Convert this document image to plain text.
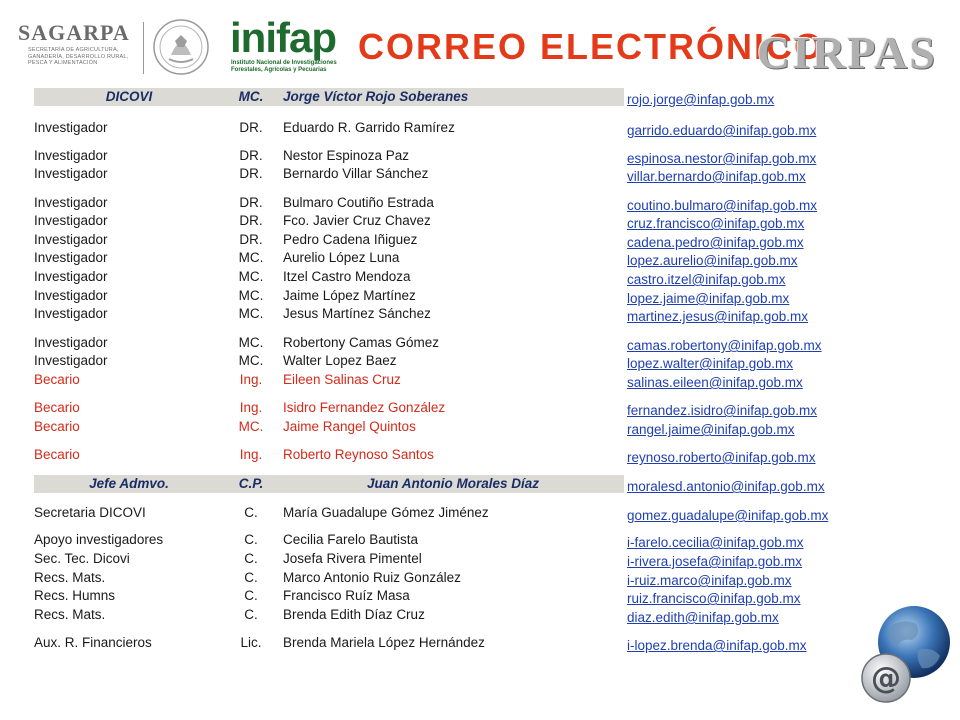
SAGARPA
SECRETARÍA DE AGRICULTURA, GANADERÍA, DESARROLLO RURAL, PESCA Y ALIMENTACIÓN
inifap
Instituto Nacional de Investigaciones Forestales, Agrícolas y Pecuarias
CORREO ELECTRÓNICO
CIRPAS
DICOVI	MC.	Jorge Víctor Rojo Soberanes	rojo.jorge@infap.gob.mx
Investigador	DR.	Eduardo R. Garrido Ramírez	garrido.eduardo@inifap.gob.mx
Investigador	DR.	Nestor Espinoza Paz	espinosa.nestor@inifap.gob.mx
Investigador	DR.	Bernardo Villar Sánchez	villar.bernardo@inifap.gob.mx
Investigador	DR.	Bulmaro Coutiño Estrada	coutino.bulmaro@inifap.gob.mx
Investigador	DR.	Fco. Javier Cruz Chavez	cruz.francisco@inifap.gob.mx
Investigador	DR.	Pedro Cadena Iñiguez	cadena.pedro@inifap.gob.mx
Investigador	MC.	Aurelio López Luna	lopez.aurelio@inifap.gob.mx
Investigador	MC.	Itzel Castro Mendoza	castro.itzel@inifap.gob.mx
Investigador	MC.	Jaime López Martínez	lopez.jaime@inifap.gob.mx
Investigador	MC.	Jesus Martínez Sánchez	martinez.jesus@inifap.gob.mx
Investigador	MC.	Robertony Camas Gómez	camas.robertony@inifap.gob.mx
Investigador	MC.	Walter Lopez Baez	lopez.walter@inifap.gob.mx
Becario	Ing.	Eileen Salinas Cruz	salinas.eileen@inifap.gob.mx
Becario	Ing.	Isidro Fernandez González	fernandez.isidro@inifap.gob.mx
Becario	MC.	Jaime Rangel Quintos	rangel.jaime@inifap.gob.mx
Becario	Ing.	Roberto Reynoso Santos	reynoso.roberto@inifap.gob.mx
Jefe Admvo.	C.P.	Juan Antonio Morales Díaz	moralesd.antonio@inifap.gob.mx
Secretaria DICOVI	C.	María Guadalupe Gómez Jiménez	gomez.guadalupe@inifap.gob.mx
Apoyo investigadores	C.	Cecilia Farelo Bautista	i-farelo.cecilia@inifap.gob.mx
Sec. Tec. Dicovi	C.	Josefa Rivera Pimentel	i-rivera.josefa@inifap.gob.mx
Recs. Mats.	C.	Marco Antonio Ruiz González	i-ruiz.marco@inifap.gob.mx
Recs. Humns	C.	Francisco Ruíz Masa	ruiz.francisco@inifap.gob.mx
Recs. Mats.	C.	Brenda Edith Díaz Cruz	diaz.edith@inifap.gob.mx
Aux. R. Financieros	Lic.	Brenda Mariela López Hernández	i-lopez.brenda@inifap.gob.mx
@
